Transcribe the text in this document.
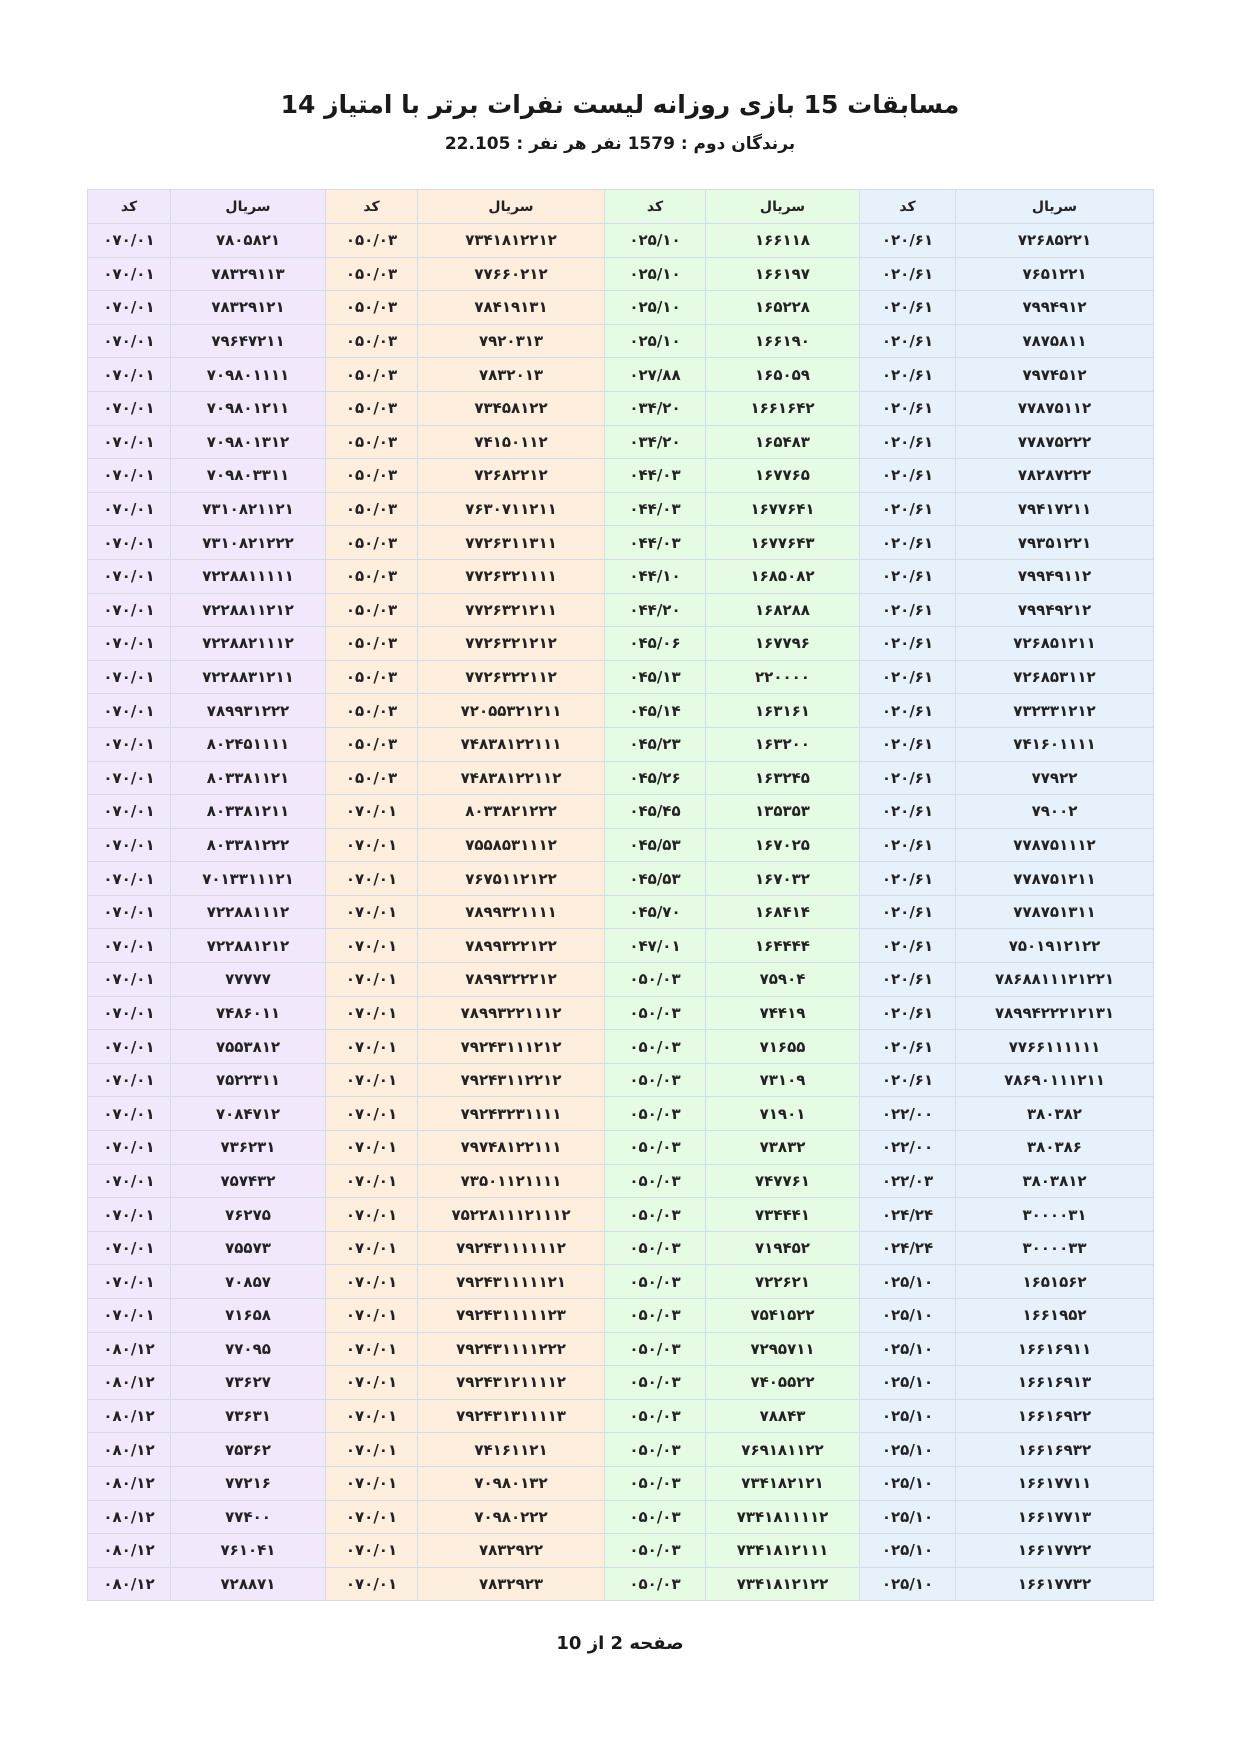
مسابقات 15 بازی روزانه لیست نفرات برتر با امتیاز 14
برندگان دوم : 1579 نفر هر نفر : 22.105
سریال	کد	سریال	کد	سریال	کد	سریال	کد
۷۲۶۸۵۲۲۱	۰۲۰/۶۱	۱۶۶۱۱۸	۰۲۵/۱۰	۷۳۴۱۸۱۲۲۱۲	۰۵۰/۰۳	۷۸۰۵۸۲۱	۰۷۰/۰۱
۷۶۵۱۲۲۱	۰۲۰/۶۱	۱۶۶۱۹۷	۰۲۵/۱۰	۷۷۶۶۰۲۱۲	۰۵۰/۰۳	۷۸۳۲۹۱۱۳	۰۷۰/۰۱
۷۹۹۴۹۱۲	۰۲۰/۶۱	۱۶۵۲۲۸	۰۲۵/۱۰	۷۸۴۱۹۱۳۱	۰۵۰/۰۳	۷۸۳۲۹۱۲۱	۰۷۰/۰۱
۷۸۷۵۸۱۱	۰۲۰/۶۱	۱۶۶۱۹۰	۰۲۵/۱۰	۷۹۲۰۳۱۳	۰۵۰/۰۳	۷۹۶۴۷۲۱۱	۰۷۰/۰۱
۷۹۷۴۵۱۲	۰۲۰/۶۱	۱۶۵۰۵۹	۰۲۷/۸۸	۷۸۳۲۰۱۳	۰۵۰/۰۳	۷۰۹۸۰۱۱۱۱	۰۷۰/۰۱
۷۷۸۷۵۱۱۲	۰۲۰/۶۱	۱۶۶۱۶۴۲	۰۳۴/۲۰	۷۳۴۵۸۱۲۲	۰۵۰/۰۳	۷۰۹۸۰۱۲۱۱	۰۷۰/۰۱
۷۷۸۷۵۲۲۲	۰۲۰/۶۱	۱۶۵۴۸۳	۰۳۴/۲۰	۷۴۱۵۰۱۱۲	۰۵۰/۰۳	۷۰۹۸۰۱۳۱۲	۰۷۰/۰۱
۷۸۲۸۷۲۲۲	۰۲۰/۶۱	۱۶۷۷۶۵	۰۴۴/۰۳	۷۲۶۸۲۲۱۲	۰۵۰/۰۳	۷۰۹۸۰۳۳۱۱	۰۷۰/۰۱
۷۹۴۱۷۲۱۱	۰۲۰/۶۱	۱۶۷۷۶۴۱	۰۴۴/۰۳	۷۶۳۰۷۱۱۲۱۱	۰۵۰/۰۳	۷۳۱۰۸۲۱۱۲۱	۰۷۰/۰۱
۷۹۳۵۱۲۲۱	۰۲۰/۶۱	۱۶۷۷۶۴۳	۰۴۴/۰۳	۷۷۲۶۳۱۱۳۱۱	۰۵۰/۰۳	۷۳۱۰۸۲۱۲۲۲	۰۷۰/۰۱
۷۹۹۴۹۱۱۲	۰۲۰/۶۱	۱۶۸۵۰۸۲	۰۴۴/۱۰	۷۷۲۶۳۲۱۱۱۱	۰۵۰/۰۳	۷۲۲۸۸۱۱۱۱۱	۰۷۰/۰۱
۷۹۹۴۹۲۱۲	۰۲۰/۶۱	۱۶۸۲۸۸	۰۴۴/۲۰	۷۷۲۶۳۲۱۲۱۱	۰۵۰/۰۳	۷۲۲۸۸۱۱۲۱۲	۰۷۰/۰۱
۷۲۶۸۵۱۲۱۱	۰۲۰/۶۱	۱۶۷۷۹۶	۰۴۵/۰۶	۷۷۲۶۳۲۱۲۱۲	۰۵۰/۰۳	۷۲۲۸۸۲۱۱۱۲	۰۷۰/۰۱
۷۲۶۸۵۳۱۱۲	۰۲۰/۶۱	۲۲۰۰۰۰	۰۴۵/۱۳	۷۷۲۶۳۲۲۱۱۲	۰۵۰/۰۳	۷۲۲۸۸۳۱۲۱۱	۰۷۰/۰۱
۷۳۲۳۳۱۲۱۲	۰۲۰/۶۱	۱۶۳۱۶۱	۰۴۵/۱۴	۷۲۰۵۵۳۲۱۲۱۱	۰۵۰/۰۳	۷۸۹۹۳۱۲۲۲	۰۷۰/۰۱
۷۴۱۶۰۱۱۱۱	۰۲۰/۶۱	۱۶۳۲۰۰	۰۴۵/۲۳	۷۴۸۳۸۱۲۲۱۱۱	۰۵۰/۰۳	۸۰۲۴۵۱۱۱۱	۰۷۰/۰۱
۷۷۹۲۲	۰۲۰/۶۱	۱۶۳۲۴۵	۰۴۵/۲۶	۷۴۸۳۸۱۲۲۱۱۲	۰۵۰/۰۳	۸۰۳۳۸۱۱۲۱	۰۷۰/۰۱
۷۹۰۰۲	۰۲۰/۶۱	۱۳۵۳۵۳	۰۴۵/۴۵	۸۰۳۳۸۲۱۲۲۲	۰۷۰/۰۱	۸۰۳۳۸۱۲۱۱	۰۷۰/۰۱
۷۷۸۷۵۱۱۱۲	۰۲۰/۶۱	۱۶۷۰۲۵	۰۴۵/۵۳	۷۵۵۸۵۳۱۱۱۲	۰۷۰/۰۱	۸۰۳۳۸۱۲۲۲	۰۷۰/۰۱
۷۷۸۷۵۱۲۱۱	۰۲۰/۶۱	۱۶۷۰۳۲	۰۴۵/۵۳	۷۶۷۵۱۱۲۱۲۲	۰۷۰/۰۱	۷۰۱۳۳۱۱۱۲۱	۰۷۰/۰۱
۷۷۸۷۵۱۳۱۱	۰۲۰/۶۱	۱۶۸۴۱۴	۰۴۵/۷۰	۷۸۹۹۳۲۱۱۱۱	۰۷۰/۰۱	۷۲۲۸۸۱۱۱۲	۰۷۰/۰۱
۷۵۰۱۹۱۲۱۲۲	۰۲۰/۶۱	۱۶۴۴۴۴	۰۴۷/۰۱	۷۸۹۹۳۲۲۱۲۲	۰۷۰/۰۱	۷۲۲۸۸۱۲۱۲	۰۷۰/۰۱
۷۸۶۸۸۱۱۱۲۱۲۲۱	۰۲۰/۶۱	۷۵۹۰۴	۰۵۰/۰۳	۷۸۹۹۳۲۲۲۱۲	۰۷۰/۰۱	۷۷۷۷۷	۰۷۰/۰۱
۷۸۹۹۴۲۲۲۱۲۱۳۱	۰۲۰/۶۱	۷۴۴۱۹	۰۵۰/۰۳	۷۸۹۹۳۲۲۱۱۱۲	۰۷۰/۰۱	۷۴۸۶۰۱۱	۰۷۰/۰۱
۷۷۶۶۱۱۱۱۱۱	۰۲۰/۶۱	۷۱۶۵۵	۰۵۰/۰۳	۷۹۲۴۳۱۱۱۲۱۲	۰۷۰/۰۱	۷۵۵۳۸۱۲	۰۷۰/۰۱
۷۸۶۹۰۱۱۱۲۱۱	۰۲۰/۶۱	۷۳۱۰۹	۰۵۰/۰۳	۷۹۲۴۳۱۱۲۲۱۲	۰۷۰/۰۱	۷۵۲۲۳۱۱	۰۷۰/۰۱
۳۸۰۳۸۲	۰۲۲/۰۰	۷۱۹۰۱	۰۵۰/۰۳	۷۹۲۴۳۲۳۱۱۱۱	۰۷۰/۰۱	۷۰۸۴۷۱۲	۰۷۰/۰۱
۳۸۰۳۸۶	۰۲۲/۰۰	۷۳۸۳۲	۰۵۰/۰۳	۷۹۷۴۸۱۲۲۱۱۱	۰۷۰/۰۱	۷۳۶۲۳۱	۰۷۰/۰۱
۳۸۰۳۸۱۲	۰۲۲/۰۳	۷۴۷۷۶۱	۰۵۰/۰۳	۷۳۵۰۱۱۲۱۱۱۱	۰۷۰/۰۱	۷۵۷۴۳۲	۰۷۰/۰۱
۳۰۰۰۰۳۱	۰۲۴/۲۴	۷۳۴۴۴۱	۰۵۰/۰۳	۷۵۲۲۸۱۱۱۲۱۱۱۲	۰۷۰/۰۱	۷۶۲۷۵	۰۷۰/۰۱
۳۰۰۰۰۳۳	۰۲۴/۲۴	۷۱۹۴۵۲	۰۵۰/۰۳	۷۹۲۴۳۱۱۱۱۱۱۲	۰۷۰/۰۱	۷۵۵۷۳	۰۷۰/۰۱
۱۶۵۱۵۶۲	۰۲۵/۱۰	۷۲۲۶۲۱	۰۵۰/۰۳	۷۹۲۴۳۱۱۱۱۱۲۱	۰۷۰/۰۱	۷۰۸۵۷	۰۷۰/۰۱
۱۶۶۱۹۵۲	۰۲۵/۱۰	۷۵۴۱۵۲۲	۰۵۰/۰۳	۷۹۲۴۳۱۱۱۱۱۲۳	۰۷۰/۰۱	۷۱۶۵۸	۰۷۰/۰۱
۱۶۶۱۶۹۱۱	۰۲۵/۱۰	۷۲۹۵۷۱۱	۰۵۰/۰۳	۷۹۲۴۳۱۱۱۱۲۲۲	۰۷۰/۰۱	۷۷۰۹۵	۰۸۰/۱۲
۱۶۶۱۶۹۱۳	۰۲۵/۱۰	۷۴۰۵۵۲۲	۰۵۰/۰۳	۷۹۲۴۳۱۲۱۱۱۱۲	۰۷۰/۰۱	۷۳۶۲۷	۰۸۰/۱۲
۱۶۶۱۶۹۲۲	۰۲۵/۱۰	۷۸۸۴۳	۰۵۰/۰۳	۷۹۲۴۳۱۳۱۱۱۱۳	۰۷۰/۰۱	۷۳۶۳۱	۰۸۰/۱۲
۱۶۶۱۶۹۳۲	۰۲۵/۱۰	۷۶۹۱۸۱۱۲۲	۰۵۰/۰۳	۷۴۱۶۱۱۲۱	۰۷۰/۰۱	۷۵۳۶۲	۰۸۰/۱۲
۱۶۶۱۷۷۱۱	۰۲۵/۱۰	۷۳۴۱۸۲۱۲۱	۰۵۰/۰۳	۷۰۹۸۰۱۳۲	۰۷۰/۰۱	۷۷۲۱۶	۰۸۰/۱۲
۱۶۶۱۷۷۱۳	۰۲۵/۱۰	۷۳۴۱۸۱۱۱۱۲	۰۵۰/۰۳	۷۰۹۸۰۲۲۲	۰۷۰/۰۱	۷۷۴۰۰	۰۸۰/۱۲
۱۶۶۱۷۷۲۲	۰۲۵/۱۰	۷۳۴۱۸۱۲۱۱۱	۰۵۰/۰۳	۷۸۳۲۹۲۲	۰۷۰/۰۱	۷۶۱۰۴۱	۰۸۰/۱۲
۱۶۶۱۷۷۳۲	۰۲۵/۱۰	۷۳۴۱۸۱۲۱۲۲	۰۵۰/۰۳	۷۸۳۲۹۲۳	۰۷۰/۰۱	۷۲۸۸۷۱	۰۸۰/۱۲
صفحه 2 از 10
